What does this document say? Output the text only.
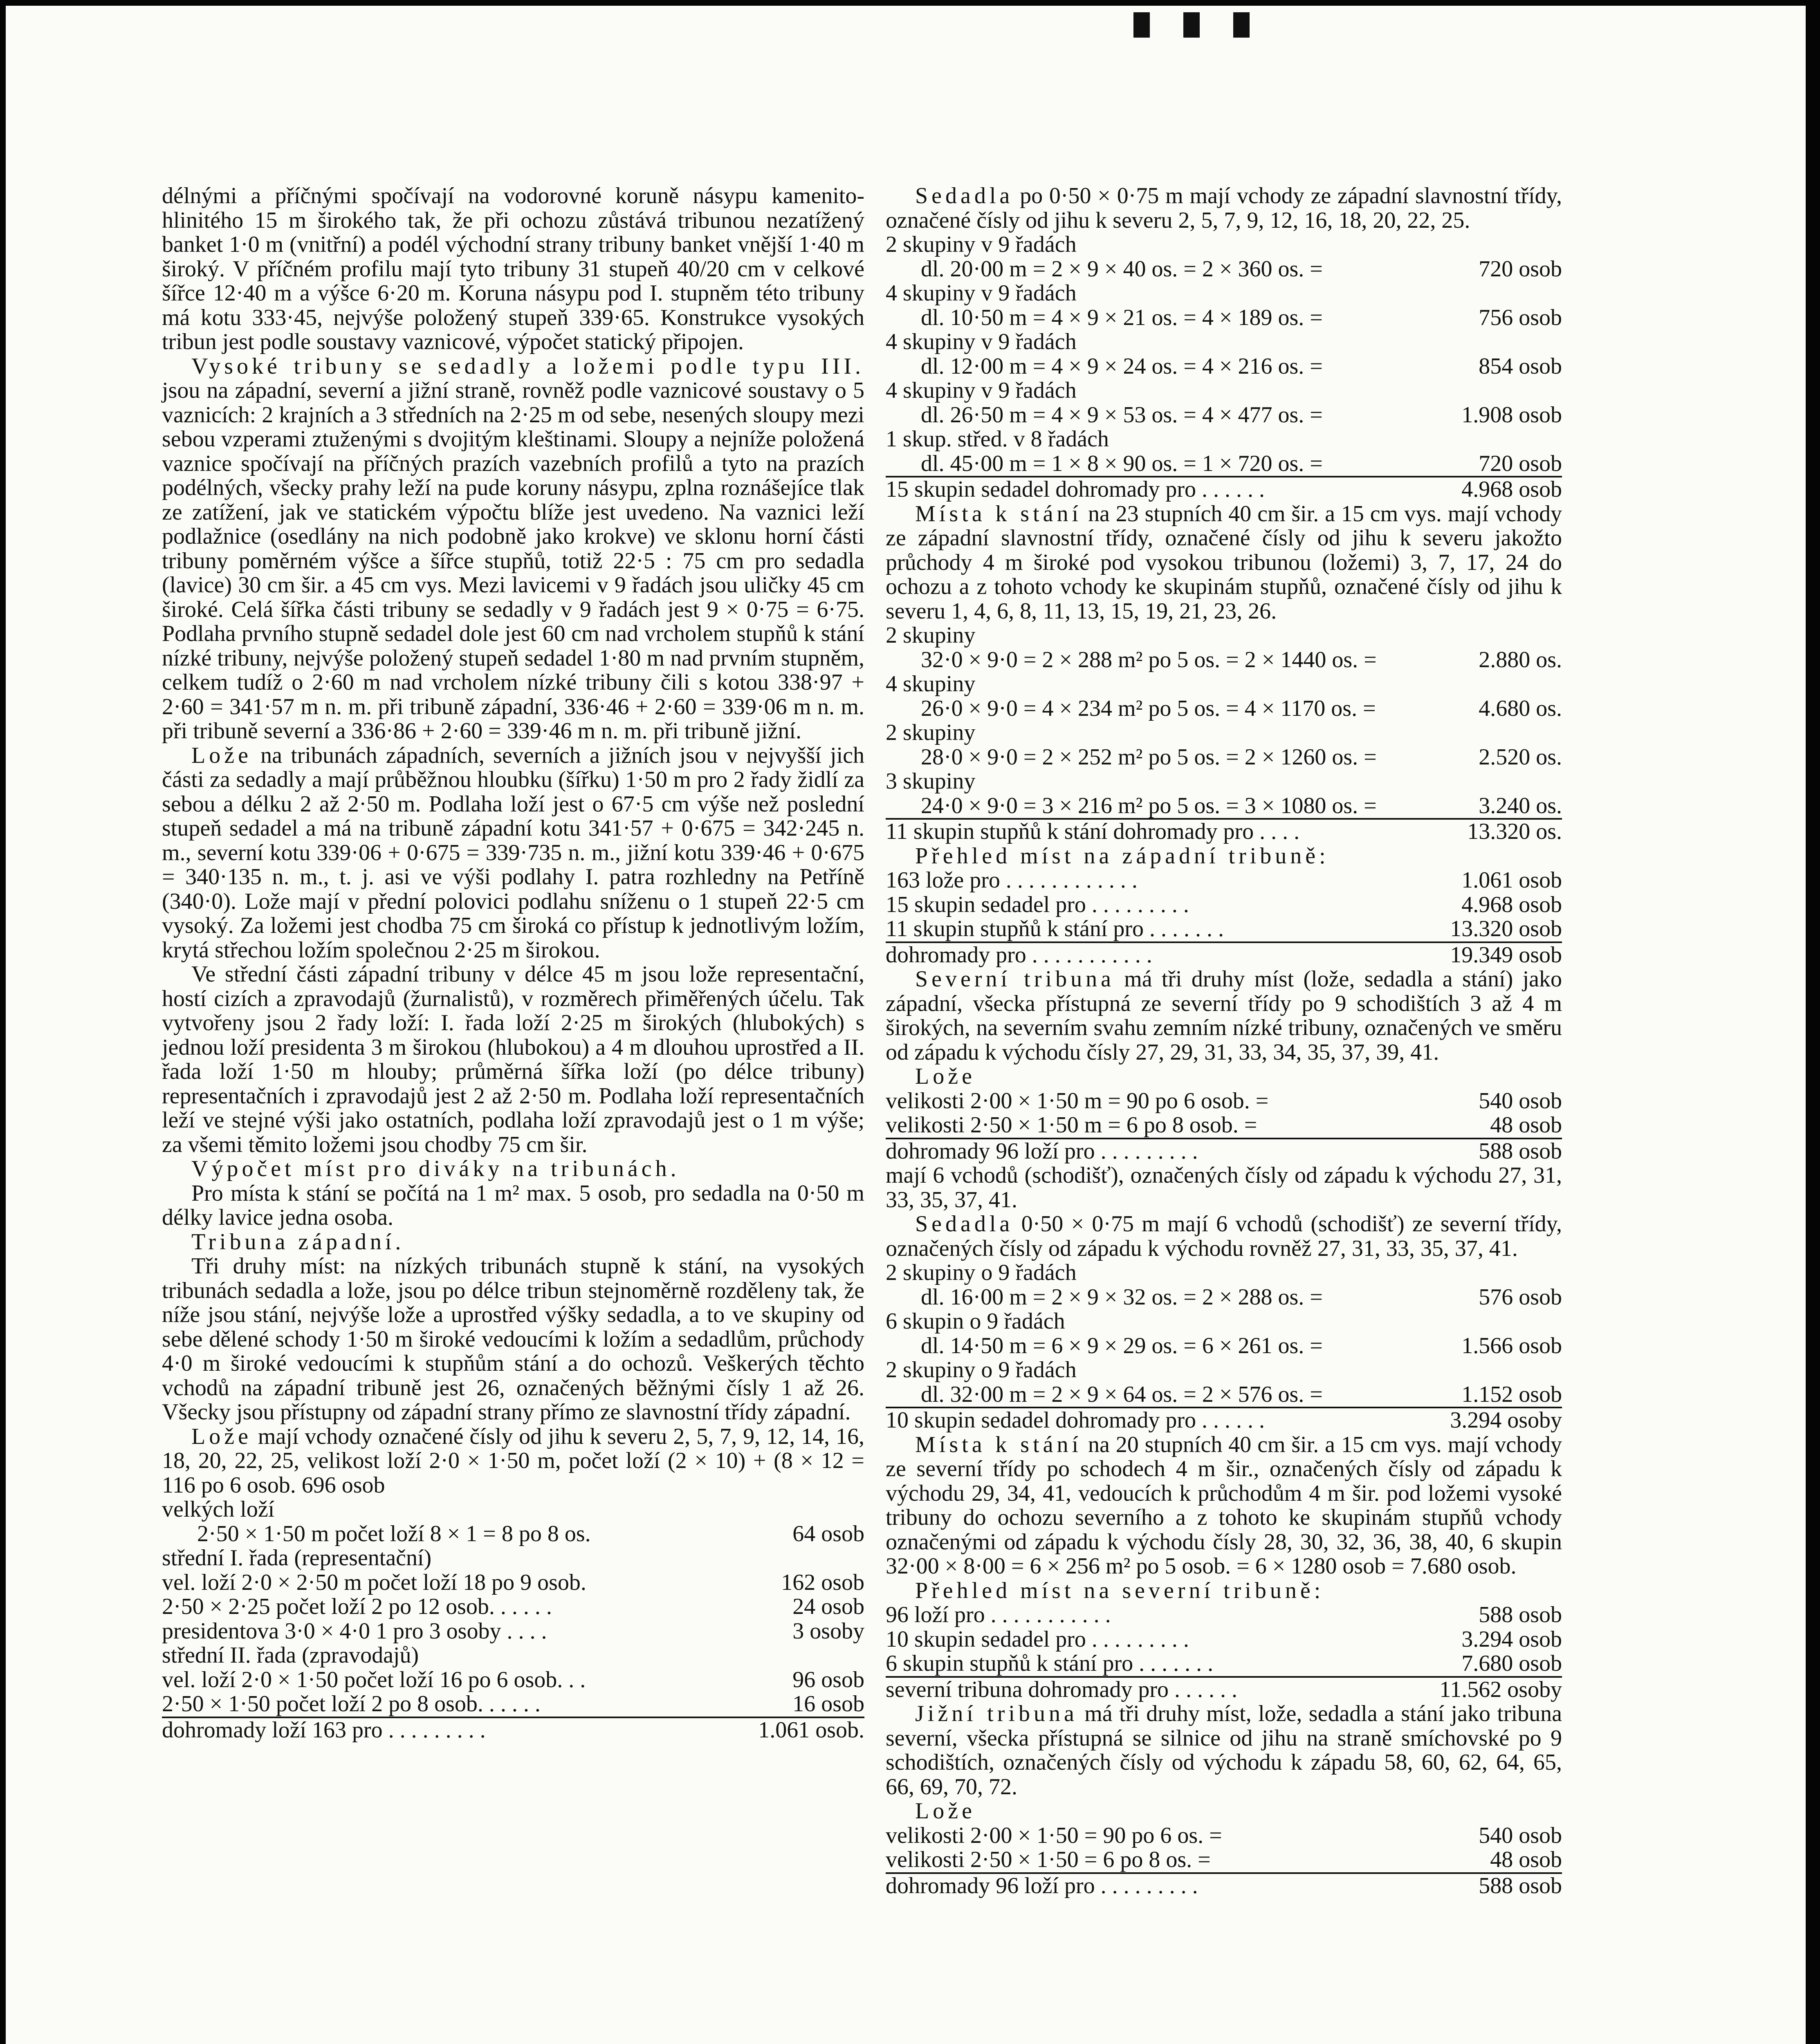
délnými a příčnými spočívají na vodorovné koruně násypu kamenito-hlinitého 15 m širokého tak, že při ochozu zůstává tribunou nezatížený banket 1·0 m (vnitřní) a podél východní strany tribuny banket vnější 1·40 m široký. V příčném profilu mají tyto tribuny 31 stupeň 40/20 cm v celkové šířce 12·40 m a výšce 6·20 m. Koruna násypu pod I. stupněm této tribuny má kotu 333·45, nejvýše položený stupeň 339·65. Konstrukce vysokých tribun jest podle soustavy vaznicové, výpočet statický připojen.

Vysoké tribuny se sedadly a ložemi podle typu III. jsou na západní, severní a jižní straně, rovněž podle vaznicové soustavy o 5 vaznicích: 2 krajních a 3 středních na 2·25 m od sebe, nesených sloupy mezi sebou vzperami ztuženými s dvojitým kleštinami. Sloupy a nejníže položená vaznice spočívají na příčných prazích vazebních profilů a tyto na prazích podélných, všecky prahy leží na pude koruny násypu, zplna roznášejíce tlak ze zatížení, jak ve statickém výpočtu blíže jest uvedeno. Na vaznici leží podlažnice (osedlány na nich podobně jako krokve) ve sklonu horní části tribuny poměrném výšce a šířce stupňů, totiž 22·5 : 75 cm pro sedadla (lavice) 30 cm šir. a 45 cm vys. Mezi lavicemi v 9 řadách jsou uličky 45 cm široké. Celá šířka části tribuny se sedadly v 9 řadách jest 9 × 0·75 = 6·75. Podlaha prvního stupně sedadel dole jest 60 cm nad vrcholem stupňů k stání nízké tribuny, nejvýše položený stupeň sedadel 1·80 m nad prvním stupněm, celkem tudíž o 2·60 m nad vrcholem nízké tribuny čili s kotou 338·97 + 2·60 = 341·57 m n. m. při tribuně západní, 336·46 + 2·60 = 339·06 m n. m. při tribuně severní a 336·86 + 2·60 = 339·46 m n. m. při tribuně jižní.

Lože na tribunách západních, severních a jižních jsou v nejvyšší jich části za sedadly a mají průběžnou hloubku (šířku) 1·50 m pro 2 řady židlí za sebou a délku 2 až 2·50 m. Podlaha loží jest o 67·5 cm výše než poslední stupeň sedadel a má na tribuně západní kotu 341·57 + 0·675 = 342·245 n. m., severní kotu 339·06 + 0·675 = 339·735 n. m., jižní kotu 339·46 + 0·675 = 340·135 n. m., t. j. asi ve výši podlahy I. patra rozhledny na Petříně (340·0). Lože mají v přední polovici podlahu sníženu o 1 stupeň 22·5 cm vysoký. Za ložemi jest chodba 75 cm široká co přístup k jednotlivým ložím, krytá střechou ložím společnou 2·25 m širokou.

Ve střední části západní tribuny v délce 45 m jsou lože representační, hostí cizích a zpravodajů (žurnalistů), v rozměrech přiměřených účelu. Tak vytvořeny jsou 2 řady loží: I. řada loží 2·25 m širokých (hlubokých) s jednou loží presidenta 3 m širokou (hlubokou) a 4 m dlouhou uprostřed a II. řada loží 1·50 m hlouby; průměrná šířka loží (po délce tribuny) representačních i zpravodajů jest 2 až 2·50 m. Podlaha loží representačních leží ve stejné výši jako ostatních, podlaha loží zpravodajů jest o 1 m výše; za všemi těmito ložemi jsou chodby 75 cm šir.

Výpočet míst pro diváky na tribunách.

Pro místa k stání se počítá na 1 m² max. 5 osob, pro sedadla na 0·50 m délky lavice jedna osoba.

Tribuna západní.

Tři druhy míst: na nízkých tribunách stupně k stání, na vysokých tribunách sedadla a lože, jsou po délce tribun stejnoměrně rozděleny tak, že níže jsou stání, nejvýše lože a uprostřed výšky sedadla, a to ve skupiny od sebe dělené schody 1·50 m široké vedoucími k ložím a sedadlům, průchody 4·0 m široké vedoucími k stupňům stání a do ochozů. Veškerých těchto vchodů na západní tribuně jest 26, označených běžnými čísly 1 až 26. Všecky jsou přístupny od západní strany přímo ze slavnostní třídy západní.

Lože mají vchody označené čísly od jihu k severu 2, 5, 7, 9, 12, 14, 16, 18, 20, 22, 25, velikost loží 2·0 × 1·50 m, počet loží (2 × 10) + (8 × 12 = 116 po 6 osob. 696 osob

velkých loží
2·50 × 1·50 m počet loží 8 × 1 = 8 po 8 os.	64 osob
střední I. řada (representační)
vel. loží 2·0 × 2·50 m počet loží 18 po 9 osob.	162 osob
2·50 × 2·25 počet loží 2 po 12 osob. . . . . .	24 osob
presidentova 3·0 × 4·0 1 pro 3 osoby . . . .	3 osoby
střední II. řada (zpravodajů)
vel. loží 2·0 × 1·50 počet loží 16 po 6 osob. . .	96 osob
2·50 × 1·50 počet loží 2 po 8 osob. . . . . .	16 osob
dohromady loží 163 pro . . . . . . . . .	1.061 osob.

Sedadla po 0·50 × 0·75 m mají vchody ze západní slavnostní třídy, označené čísly od jihu k severu 2, 5, 7, 9, 12, 16, 18, 20, 22, 25.

2 skupiny v 9 řadách
dl. 20·00 m = 2 × 9 × 40 os. = 2 × 360 os. =	720 osob
4 skupiny v 9 řadách
dl. 10·50 m = 4 × 9 × 21 os. = 4 × 189 os. =	756 osob
4 skupiny v 9 řadách
dl. 12·00 m = 4 × 9 × 24 os. = 4 × 216 os. =	854 osob
4 skupiny v 9 řadách
dl. 26·50 m = 4 × 9 × 53 os. = 4 × 477 os. =	1.908 osob
1 skup. střed. v 8 řadách
dl. 45·00 m = 1 × 8 × 90 os. = 1 × 720 os. =	720 osob
15 skupin sedadel dohromady pro . . . . . .	4.968 osob

Místa k stání na 23 stupních 40 cm šir. a 15 cm vys. mají vchody ze západní slavnostní třídy, označené čísly od jihu k severu jakožto průchody 4 m široké pod vysokou tribunou (ložemi) 3, 7, 17, 24 do ochozu a z tohoto vchody ke skupinám stupňů, označené čísly od jihu k severu 1, 4, 6, 8, 11, 13, 15, 19, 21, 23, 26.

2 skupiny
32·0 × 9·0 = 2 × 288 m² po 5 os. = 2 × 1440 os. =	2.880 os.
4 skupiny
26·0 × 9·0 = 4 × 234 m² po 5 os. = 4 × 1170 os. =	4.680 os.
2 skupiny
28·0 × 9·0 = 2 × 252 m² po 5 os. = 2 × 1260 os. =	2.520 os.
3 skupiny
24·0 × 9·0 = 3 × 216 m² po 5 os. = 3 × 1080 os. =	3.240 os.
11 skupin stupňů k stání dohromady pro . . . .	13.320 os.
Přehled míst na západní tribuně:
163 lože pro . . . . . . . . . . . .	1.061 osob
15 skupin sedadel pro . . . . . . . . .	4.968 osob
11 skupin stupňů k stání pro . . . . . . .	13.320 osob
dohromady pro . . . . . . . . . . .	19.349 osob

Severní tribuna má tři druhy míst (lože, sedadla a stání) jako západní, všecka přístupná ze severní třídy po 9 schodištích 3 až 4 m širokých, na severním svahu zemním nízké tribuny, označených ve směru od západu k východu čísly 27, 29, 31, 33, 34, 35, 37, 39, 41.

Lože
velikosti 2·00 × 1·50 m = 90 po 6 osob. =	540 osob
velikosti 2·50 × 1·50 m = 6 po 8 osob. =	48 osob
dohromady 96 loží pro . . . . . . . . .	588 osob

mají 6 vchodů (schodišť), označených čísly od západu k východu 27, 31, 33, 35, 37, 41.

Sedadla 0·50 × 0·75 m mají 6 vchodů (schodišť) ze severní třídy, označených čísly od západu k východu rovněž 27, 31, 33, 35, 37, 41.

2 skupiny o 9 řadách
dl. 16·00 m = 2 × 9 × 32 os. = 2 × 288 os. =	576 osob
6 skupin o 9 řadách
dl. 14·50 m = 6 × 9 × 29 os. = 6 × 261 os. =	1.566 osob
2 skupiny o 9 řadách
dl. 32·00 m = 2 × 9 × 64 os. = 2 × 576 os. =	1.152 osob
10 skupin sedadel dohromady pro . . . . . .	3.294 osoby

Místa k stání na 20 stupních 40 cm šir. a 15 cm vys. mají vchody ze severní třídy po schodech 4 m šir., označených čísly od západu k východu 29, 34, 41, vedoucích k průchodům 4 m šir. pod ložemi vysoké tribuny do ochozu severního a z tohoto ke skupinám stupňů vchody označenými od západu k východu čísly 28, 30, 32, 36, 38, 40, 6 skupin 32·00 × 8·00 = 6 × 256 m² po 5 osob. = 6 × 1280 osob = 7.680 osob.

Přehled míst na severní tribuně:
96 loží pro . . . . . . . . . . .	588 osob
10 skupin sedadel pro . . . . . . . . .	3.294 osob
6 skupin stupňů k stání pro . . . . . . .	7.680 osob
severní tribuna dohromady pro . . . . . .	11.562 osoby

Jižní tribuna má tři druhy míst, lože, sedadla a stání jako tribuna severní, všecka přístupná se silnice od jihu na straně smíchovské po 9 schodištích, označených čísly od východu k západu 58, 60, 62, 64, 65, 66, 69, 70, 72.

Lože
velikosti 2·00 × 1·50 = 90 po 6 os. =	540 osob
velikosti 2·50 × 1·50 = 6 po 8 os. =	48 osob
dohromady 96 loží pro . . . . . . . . .	588 osob
